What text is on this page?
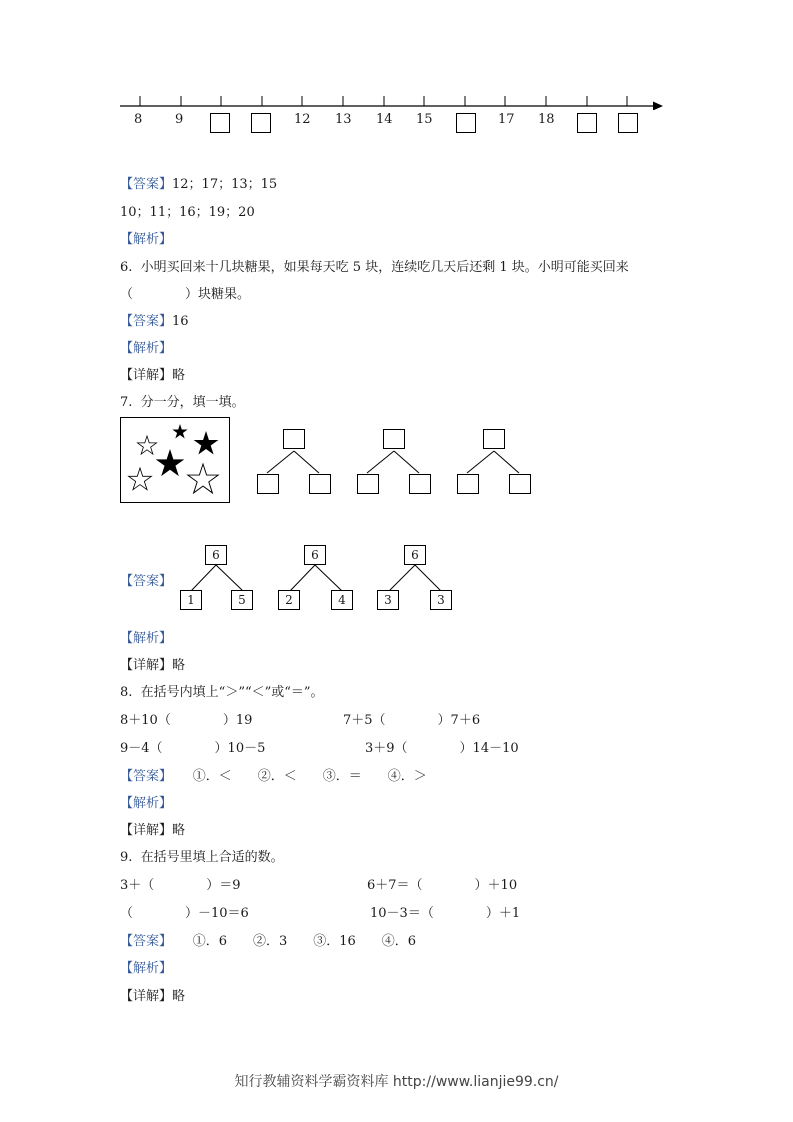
8	9	12 13 14 15	17 18
【答案】12；17；13；15
10；11；16；19；20
【解析】
6. 小明买回来十几块糖果，如果每天吃 5 块，连续吃几天后还剩 1 块。小明可能买回来
（　　　　）块糖果。
【答案】16
【解析】
【详解】略
7. 分一分，填一填。
【答案】
6
1	5
6
2	4
6
3	3
【解析】
【详解】略
8. 在括号内填上“＞”“＜”或“＝”。
8＋10（　　　　）19	7＋5（　　　　）7＋6
9－4（　　　　）10－5	3＋9（　　　　）14－10
【答案】 ①．＜　　②．＜　　③．＝　　④．＞
【解析】
【详解】略
9. 在括号里填上合适的数。
3＋（　　　　）＝9	6＋7＝（　　　　）＋10
（　　　　）－10＝6	10－3＝（　　　　）＋1
【答案】 ①．6　　②．3　　③．16　　④．6
【解析】
【详解】略
知行教辅资料学霸资料库 http://www.lianjie99.cn/
